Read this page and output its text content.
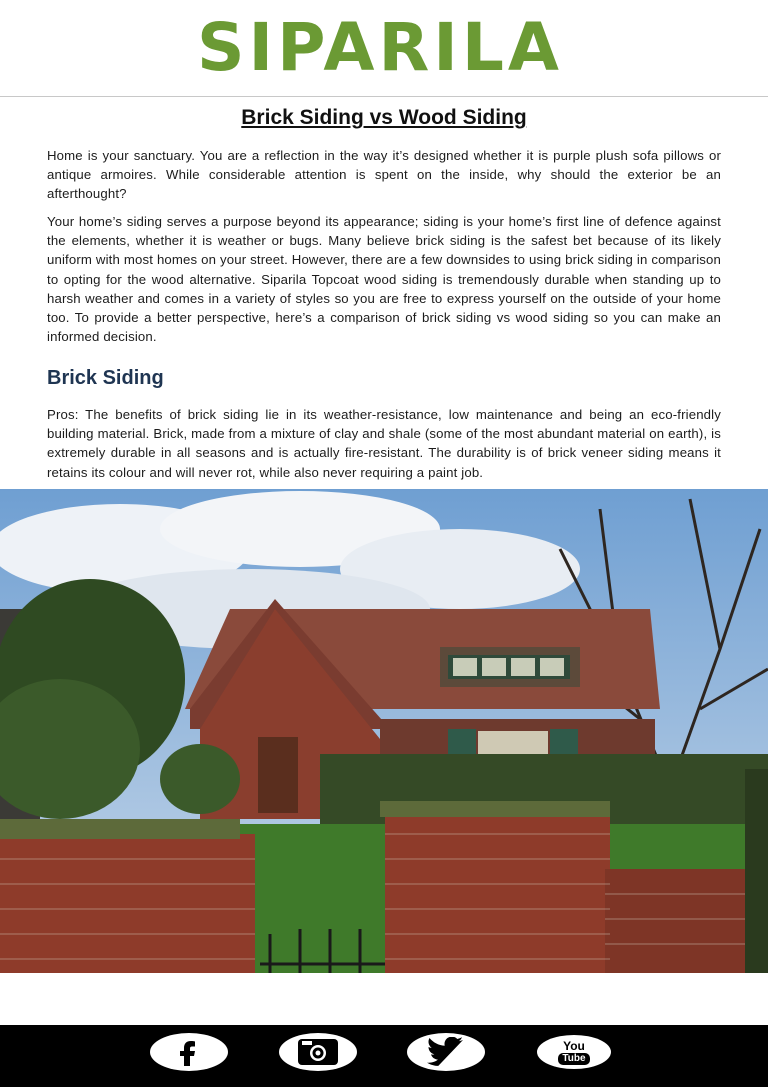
SIPARILA
Brick Siding vs Wood Siding

Home is your sanctuary. You are a reflection in the way it’s designed whether it is purple plush sofa pillows or antique armoires. While considerable attention is spent on the inside, why should the exterior be an afterthought?

Your home’s siding serves a purpose beyond its appearance; siding is your home’s first line of defence against the elements, whether it is weather or bugs. Many believe brick siding is the safest bet because of its likely uniform with most homes on your street. However, there are a few downsides to using brick siding in comparison to opting for the wood alternative. Siparila Topcoat wood siding is tremendously durable when standing up to harsh weather and comes in a variety of styles so you are free to express yourself on the outside of your home too. To provide a better perspective, here’s a comparison of brick siding vs wood siding so you can make an informed decision.

Brick Siding

Pros: The benefits of brick siding lie in its weather-resistance, low maintenance and being an eco-friendly building material. Brick, made from a mixture of clay and shale (some of the most abundant material on earth), is extremely durable in all seasons and is actually fire-resistant. The durability is of brick veneer siding means it retains its colour and will never rot, while also never requiring a paint job.

You
Tube
